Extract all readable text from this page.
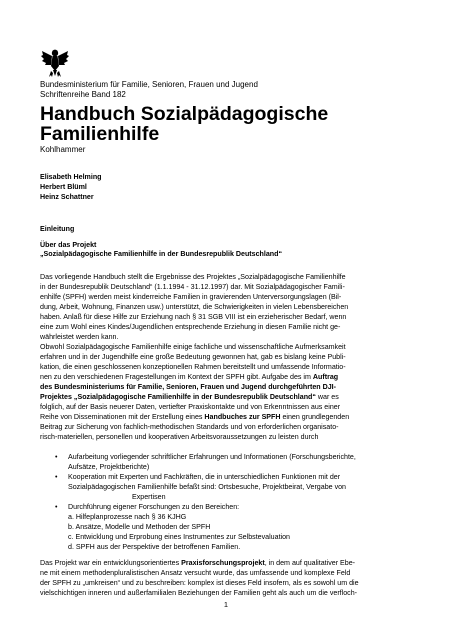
Bundesministerium für Familie, Senioren, Frauen und Jugend
Schriftenreihe Band 182
Handbuch Sozialpädagogische
Familienhilfe
Kohlhammer
Elisabeth Helming
Herbert Blüml
Heinz Schattner
Einleitung
Über das Projekt
„Sozialpädagogische Familienhilfe in der Bundesrepublik Deutschland“

Das vorliegende Handbuch stellt die Ergebnisse des Projektes „Sozialpädagogische Familienhilfe
in der Bundesrepublik Deutschland“ (1.1.1994 - 31.12.1997) dar. Mit Sozialpädagogischer Famili-
enhilfe (SPFH) werden meist kinderreiche Familien in gravierenden Unterversorgungslagen (Bil-
dung, Arbeit, Wohnung, Finanzen usw.) unterstützt, die Schwierigkeiten in vielen Lebensbereichen
haben. Anlaß für diese Hilfe zur Erziehung nach § 31 SGB VIII ist ein erzieherischer Bedarf, wenn
eine zum Wohl eines Kindes/Jugendlichen entsprechende Erziehung in diesen Familie nicht ge-
währleistet werden kann.

Obwohl Sozialpädagogische Familienhilfe einige fachliche und wissenschaftliche Aufmerksamkeit
erfahren und in der Jugendhilfe eine große Bedeutung gewonnen hat, gab es bislang keine Publi-
kation, die einen geschlossenen konzeptionellen Rahmen bereitstellt und umfassende Informatio-
nen zu den verschiedenen Fragestellungen im Kontext der SPFH gibt. Aufgabe des im Auftrag
des Bundesministeriums für Familie, Senioren, Frauen und Jugend durchgeführten DJI-
Projektes „Sozialpädagogische Familienhilfe in der Bundesrepublik Deutschland“ war es
folglich, auf der Basis neuerer Daten, vertiefter Praxiskontakte und von Erkenntnissen aus einer
Reihe von Disseminationen mit der Erstellung eines Handbuches zur SPFH einen grundlegenden
Beitrag zur Sicherung von fachlich-methodischen Standards und von erforderlichen organisato-
risch-materiellen, personellen und kooperativen Arbeitsvoraussetzungen zu leisten durch

• Aufarbeitung vorliegender schriftlicher Erfahrungen und Informationen (Forschungsberichte,
Aufsätze, Projektberichte)
• Kooperation mit Experten und Fachkräften, die in unterschiedlichen Funktionen mit der
Sozialpädagogischen Familienhilfe befaßt sind: Ortsbesuche, Projektbeirat, Vergabe von
Expertisen
• Durchführung eigener Forschungen zu den Bereichen:
a. Hilfeplanprozesse nach § 36 KJHG
b. Ansätze, Modelle und Methoden der SPFH
c. Entwicklung und Erprobung eines Instrumentes zur Selbstevaluation
d. SPFH aus der Perspektive der betroffenen Familien.

Das Projekt war ein entwicklungsorientiertes Praxisforschungsprojekt, in dem auf qualitativer Ebe-
ne mit einem methodenpluralistischen Ansatz versucht wurde, das umfassende und komplexe Feld
der SPFH zu „umkreisen“ und zu beschreiben: komplex ist dieses Feld insofern, als es sowohl um die
vielschichtigen inneren und außerfamilialen Beziehungen der Familien geht als auch um die verfloch-

1
